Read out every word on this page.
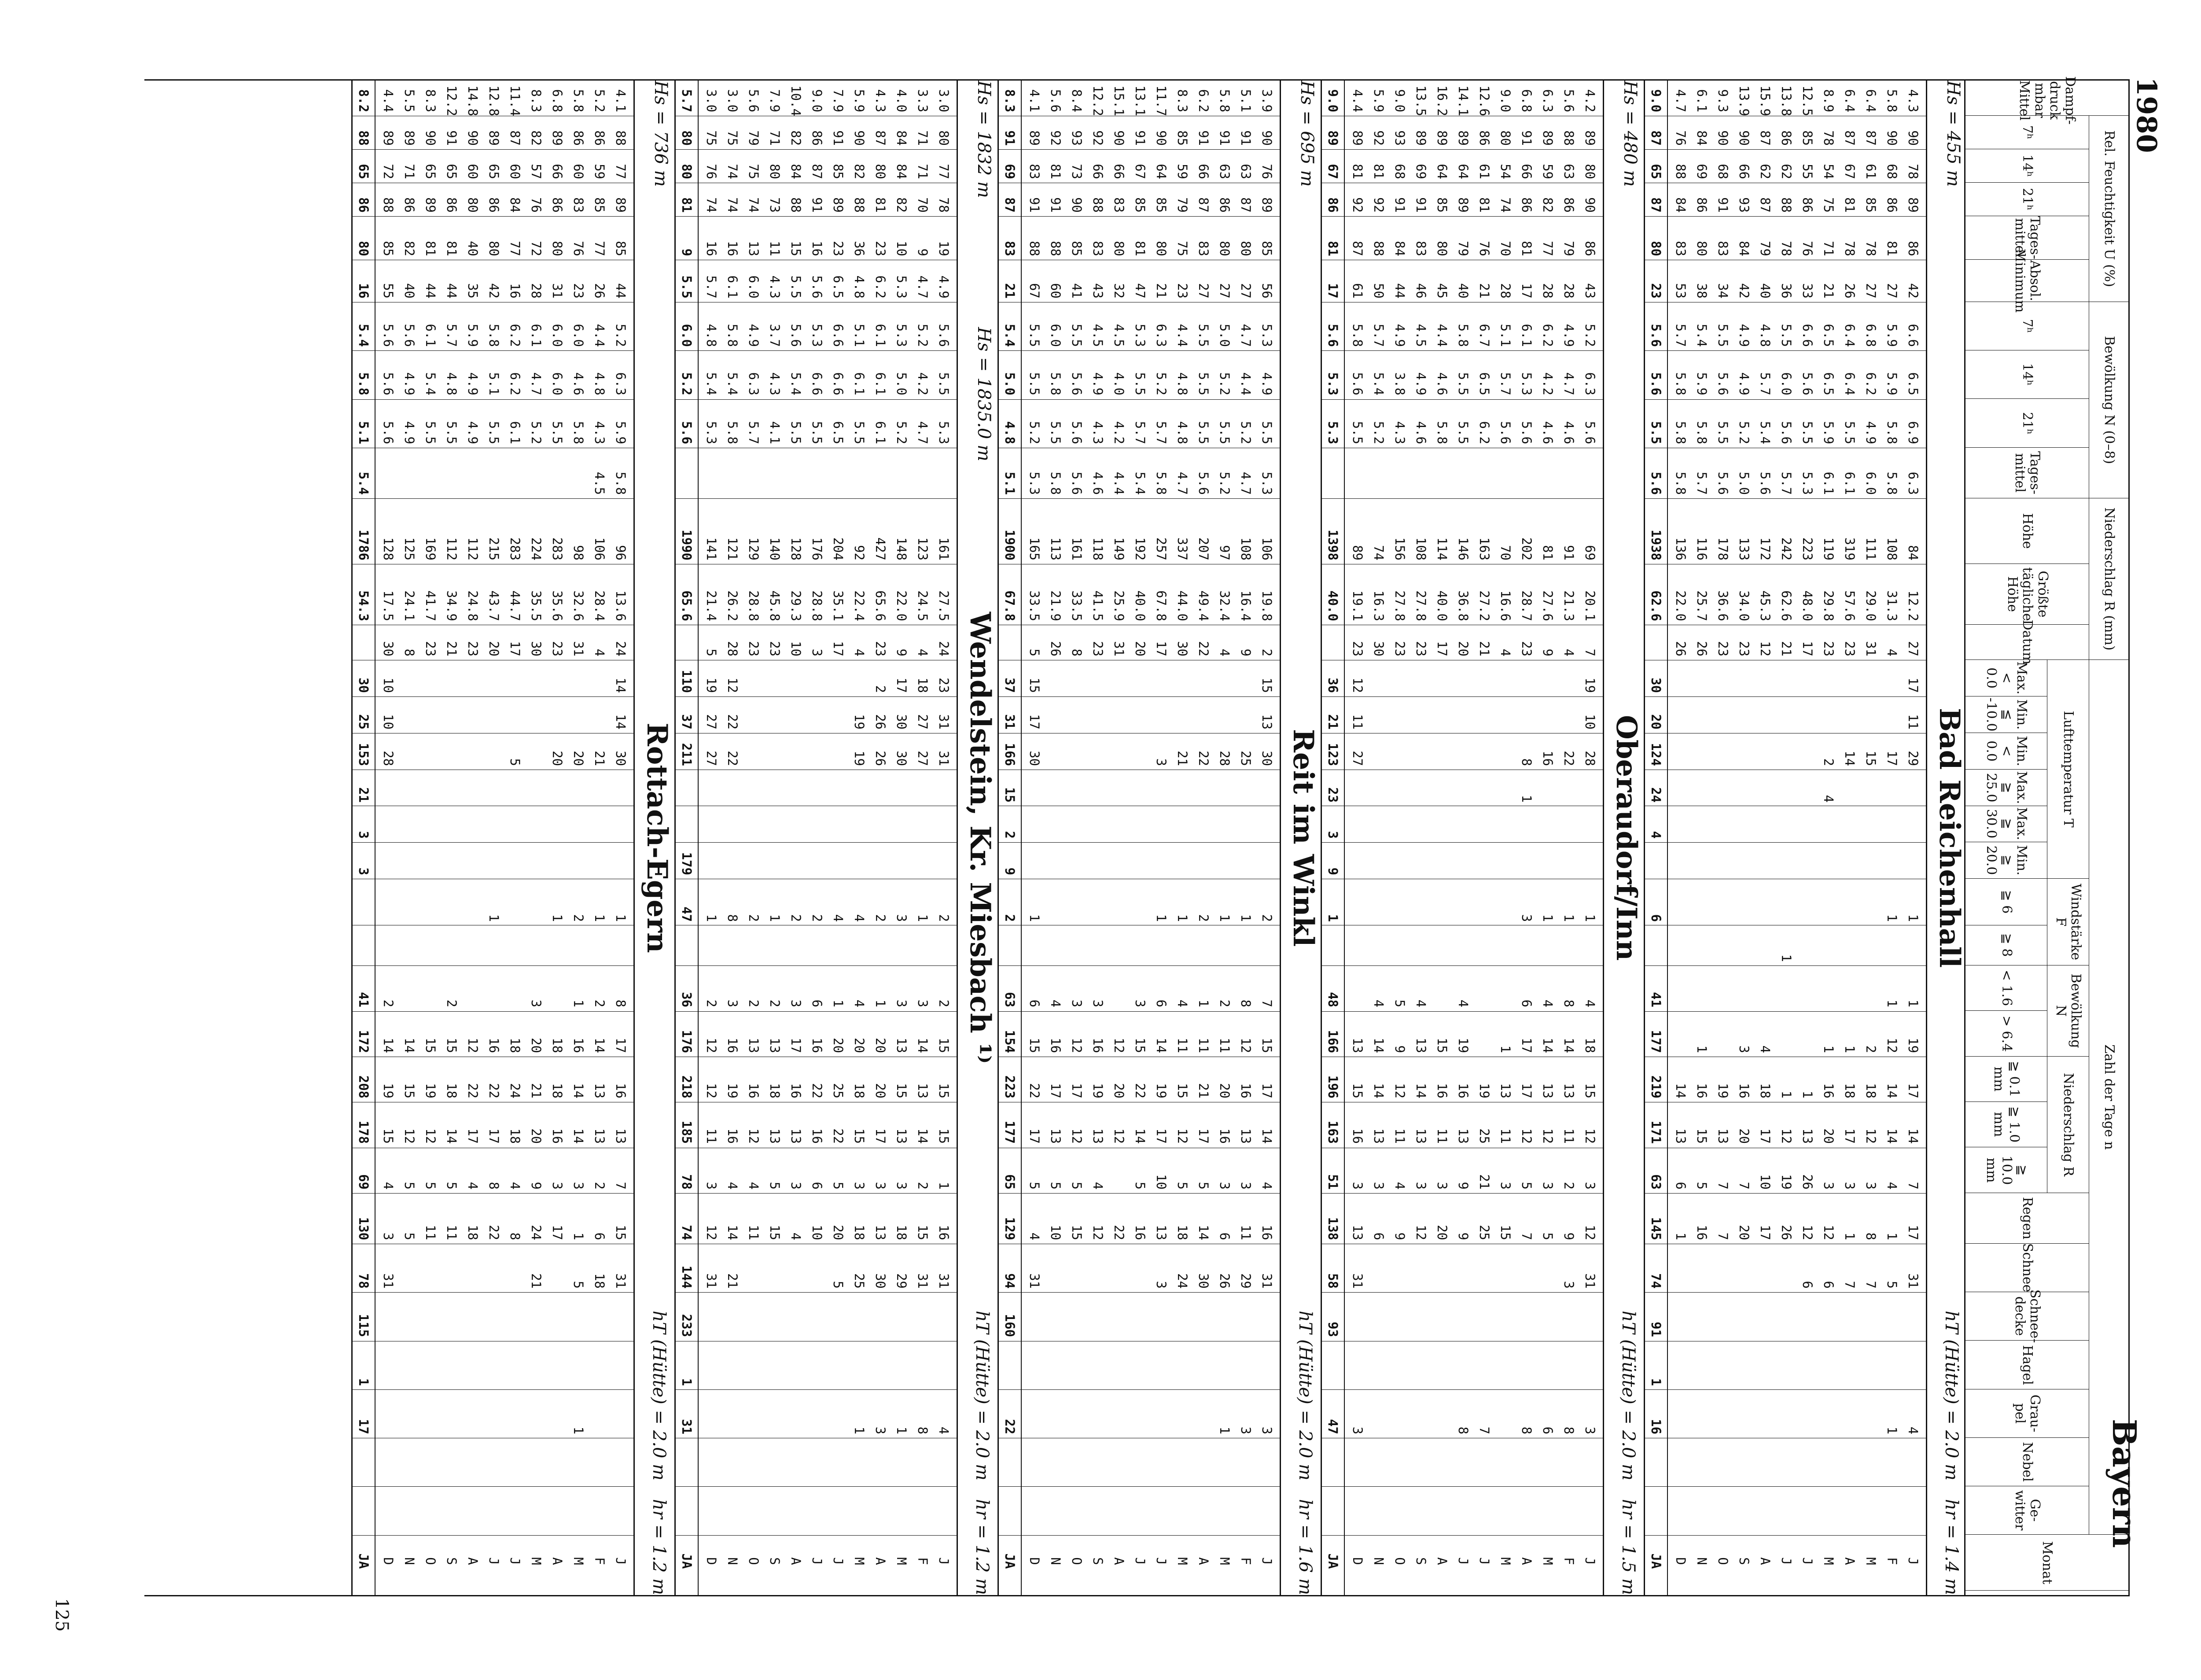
125
1980
Bayern
Dampf-druck mbar Mittel
Monat
Rel. Feuchtigkeit U (%)
Bewölkung N (0–8)
Niederschlag R (mm)
Zahl der Tage n
Lufttemperatur T
Windstärke F
Bewölkung N
Niederschlag R
7ʰ
14ʰ
21ʰ
Tages-mittel
Absol. Minimum
7ʰ
14ʰ
21ʰ
Tages-mittel
Höhe
Größte tägliche Höhe
Datum
Max. < 0.0
Min. ≦ -10.0
Min. < 0.0
Max. ≧ 25.0
Max. ≧ 30.0
Min. ≧ 20.0
≧ 6
≧ 8
< 1.6
> 6.4
≧ 0.1 mm
≧ 1.0 mm
≧ 10.0 mm
Regen
Schnee
Schnee-decke
Hagel
Grau-pel
Nebel
Ge-witter
Hs = 455 m
Bad Reichenhall
hT (Hütte) = 2.0 m
hr = 1.4 m
4.3
90
78
89
86
42
6.6
6.5
6.9
6.3
84
12.2
27
17
11
29
1
1
19
17
14
7
17
31
4
J
5.8
90
68
86
81
27
5.9
5.9
5.8
5.8
108
31.3
4
17
1
1
12
14
14
4
1
5
1
F
6.4
87
61
85
78
27
6.8
6.2
4.9
6.0
111
29.0
31
15
2
18
12
3
8
7
M
6.4
87
67
81
78
26
6.4
6.4
5.5
6.1
319
57.6
23
14
1
18
17
3
1
7
A
8.9
78
54
75
71
21
6.5
6.5
5.9
6.1
119
29.8
23
2
4
1
16
20
3
12
6
M
12.5
85
55
86
76
33
6.6
5.6
5.5
5.3
223
48.0
17
1
13
26
12
6
J
13.8
86
62
88
78
36
5.5
6.0
5.6
5.7
242
62.6
21
1
1
12
19
26
J
15.9
87
62
87
79
40
4.8
5.7
5.4
5.6
172
45.3
12
4
18
17
10
17
A
13.9
90
66
93
84
42
4.9
4.9
5.2
5.0
133
34.0
23
3
16
20
7
20
S
9.3
90
68
91
83
34
5.5
5.6
5.5
5.6
178
36.6
23
19
13
7
7
O
6.1
84
69
86
80
38
5.4
5.9
5.8
5.7
116
25.7
26
1
16
15
5
16
N
4.7
76
88
84
83
53
5.7
5.8
5.8
5.8
136
22.0
26
14
13
6
1
D
9.0
87
65
87
80
23
5.6
5.6
5.5
5.6
1938
62.6
30
20
124
24
4
6
41
177
219
171
63
145
74
91
1
16
JA
Hs = 480 m
Oberaudorf/Inn
hT (Hütte) = 2.0 m
hr = 1.5 m
4.2
89
80
90
86
43
5.2
6.3
5.6
69
20.1
7
19
10
28
1
4
18
15
12
3
12
31
3
J
5.6
88
63
86
79
28
4.9
4.7
4.6
91
21.3
4
22
1
8
14
13
11
2
9
3
8
F
6.3
89
59
82
77
28
6.2
4.2
4.6
81
27.6
9
16
1
4
14
13
12
3
5
6
M
6.8
91
66
86
81
17
6.1
5.3
5.6
202
28.7
23
8
1
3
6
17
17
12
5
7
8
A
9.0
80
54
74
70
28
5.1
5.7
5.6
70
16.6
4
1
13
11
3
15
M
12.6
86
61
81
76
21
6.7
6.5
6.2
163
27.2
21
19
25
21
25
7
J
14.1
89
64
89
79
40
5.8
5.5
5.5
146
36.8
20
4
19
16
13
9
9
8
J
16.2
89
64
85
80
45
4.4
4.6
5.8
114
40.0
17
15
16
11
3
20
A
13.5
89
69
91
83
46
4.5
4.9
4.6
108
27.8
23
4
13
14
13
3
12
S
9.0
93
68
91
84
44
4.9
3.8
4.3
156
27.8
23
5
9
12
11
4
9
O
5.9
92
81
92
88
50
5.7
5.4
5.2
74
16.3
30
4
14
14
13
3
6
N
4.4
89
81
92
87
61
5.8
5.6
5.5
89
19.1
23
12
11
27
13
15
16
3
13
31
3
D
9.0
89
67
86
81
17
5.6
5.3
5.3
1398
40.0
36
21
123
23
3
9
1
48
166
196
163
51
138
58
93
47
JA
Hs = 695 m
Reit im Winkl
hT (Hütte) = 2.0 m
hr = 1.6 m
3.9
90
76
89
85
56
5.3
4.9
5.5
5.3
106
19.8
2
15
13
30
2
7
15
17
14
4
16
31
3
J
5.1
91
63
87
80
27
4.7
4.4
5.2
4.7
108
16.4
9
25
1
8
12
16
13
3
11
29
3
F
5.8
91
63
86
80
27
5.0
5.2
5.5
5.2
97
32.4
4
28
1
2
11
20
16
3
6
26
1
M
6.2
91
66
87
83
27
5.5
5.5
5.5
5.6
207
49.4
22
22
2
1
11
21
17
5
14
30
A
8.3
85
59
79
75
23
4.4
4.8
4.8
4.7
337
44.0
30
21
1
4
11
15
12
5
18
24
M
11.7
90
64
85
80
21
6.3
5.2
5.7
5.8
257
67.8
17
3
1
6
14
19
17
10
13
3
J
13.1
91
67
85
81
47
5.3
5.5
5.7
5.4
192
40.0
20
3
15
22
14
5
16
J
15.1
90
66
83
80
32
4.5
4.0
4.2
4.4
149
25.9
31
12
20
12
22
A
12.2
92
66
88
83
43
4.5
4.9
4.3
4.6
118
41.5
23
3
16
19
13
4
12
S
8.4
93
73
90
85
41
5.5
5.6
5.6
5.6
161
33.5
8
3
12
17
12
5
15
O
5.6
92
81
91
88
60
6.0
5.8
5.5
5.8
113
21.9
26
4
16
17
13
5
10
N
4.1
89
83
91
88
67
5.5
5.5
5.2
5.3
165
33.5
5
15
17
30
1
6
15
22
17
5
4
31
D
8.3
91
69
87
83
21
5.4
5.0
4.8
5.1
1900
67.8
37
31
166
15
2
9
2
63
154
223
177
65
129
94
160
22
JA
Hs = 1832 m
Wendelstein, Kr. Miesbach ¹⁾
hT (Hütte) = 2.0 m
hr = 1.2 m
Hs = 1835.0 m
3.0
80
77
78
19
4.9
5.6
5.5
5.3
161
27.5
24
23
31
31
2
2
15
15
15
1
16
31
4
J
3.3
71
71
70
9
4.7
5.2
4.2
4.7
123
24.5
4
18
27
27
1
3
14
13
14
2
15
31
8
F
4.0
84
84
82
10
5.3
5.3
5.0
5.2
148
22.0
9
17
30
30
3
3
13
15
13
3
18
29
1
M
4.3
87
80
81
23
6.2
6.1
6.1
6.1
427
65.6
23
2
26
26
2
1
20
20
17
3
13
30
3
A
5.9
90
82
88
36
4.8
5.1
6.1
5.5
92
22.4
4
19
19
4
4
20
18
15
3
18
25
1
M
7.9
91
85
89
23
6.5
6.6
6.6
6.5
204
35.1
17
4
1
20
25
22
5
20
5
J
9.0
86
87
91
16
5.6
5.3
6.6
5.5
176
28.8
3
2
6
16
22
16
6
10
J
10.4
82
84
88
15
5.5
5.6
5.4
5.5
128
29.3
10
2
3
17
16
13
3
4
A
7.9
71
80
73
11
4.3
3.7
4.3
4.1
140
45.8
23
1
2
13
18
13
5
15
S
5.6
79
75
74
13
6.0
4.9
6.3
5.7
129
28.8
23
2
2
13
16
12
4
11
O
3.0
75
74
74
16
6.1
5.8
5.4
5.8
121
26.2
28
12
22
22
8
3
16
19
16
4
14
21
N
3.0
75
76
74
16
5.7
4.8
5.4
5.3
141
21.4
5
19
27
27
1
2
12
12
11
3
12
31
D
5.7
80
80
81
9
5.5
6.0
5.2
5.6
1990
65.6
110
37
211
179
47
36
176
218
185
78
74
144
233
1
31
JA
Hs = 736 m
Rottach-Egern
hT (Hütte) = 2.0 m
hr = 1.2 m
4.1
88
77
89
85
44
5.2
6.3
5.9
5.8
96
13.6
24
14
14
30
1
8
17
16
13
7
15
31
J
5.2
86
59
85
77
26
4.4
4.8
4.3
4.5
106
28.4
4
21
1
2
14
13
13
2
6
18
F
5.8
86
60
83
76
23
6.0
4.6
5.8
98
32.6
31
20
2
1
16
14
14
3
1
5
1
M
6.8
89
66
86
80
31
6.0
6.0
5.5
283
35.6
23
20
1
18
18
16
3
17
A
8.3
82
57
76
72
28
6.1
4.7
5.2
224
35.5
30
3
20
21
20
9
24
21
M
11.4
87
60
84
77
16
6.2
6.2
6.1
283
44.7
17
5
18
24
18
4
8
J
12.8
89
65
86
80
42
5.8
5.1
5.5
215
43.7
20
1
16
22
17
8
22
J
14.8
90
60
80
40
35
5.9
4.9
4.9
112
24.8
23
12
22
17
4
18
A
12.2
91
65
86
81
44
5.7
4.8
5.5
112
34.9
21
2
15
18
14
5
11
S
8.3
90
65
89
81
44
6.1
5.4
5.5
169
41.7
23
15
19
12
5
11
O
5.5
89
71
86
82
40
5.6
4.9
4.9
125
24.1
8
14
15
12
5
5
N
4.4
89
72
88
85
55
5.6
5.6
5.6
128
17.5
30
10
10
28
2
14
19
15
4
3
31
D
8.2
88
65
86
80
16
5.4
5.8
5.1
5.4
1786
54.3
30
25
153
21
3
3
41
172
208
178
69
130
78
115
1
17
JA
